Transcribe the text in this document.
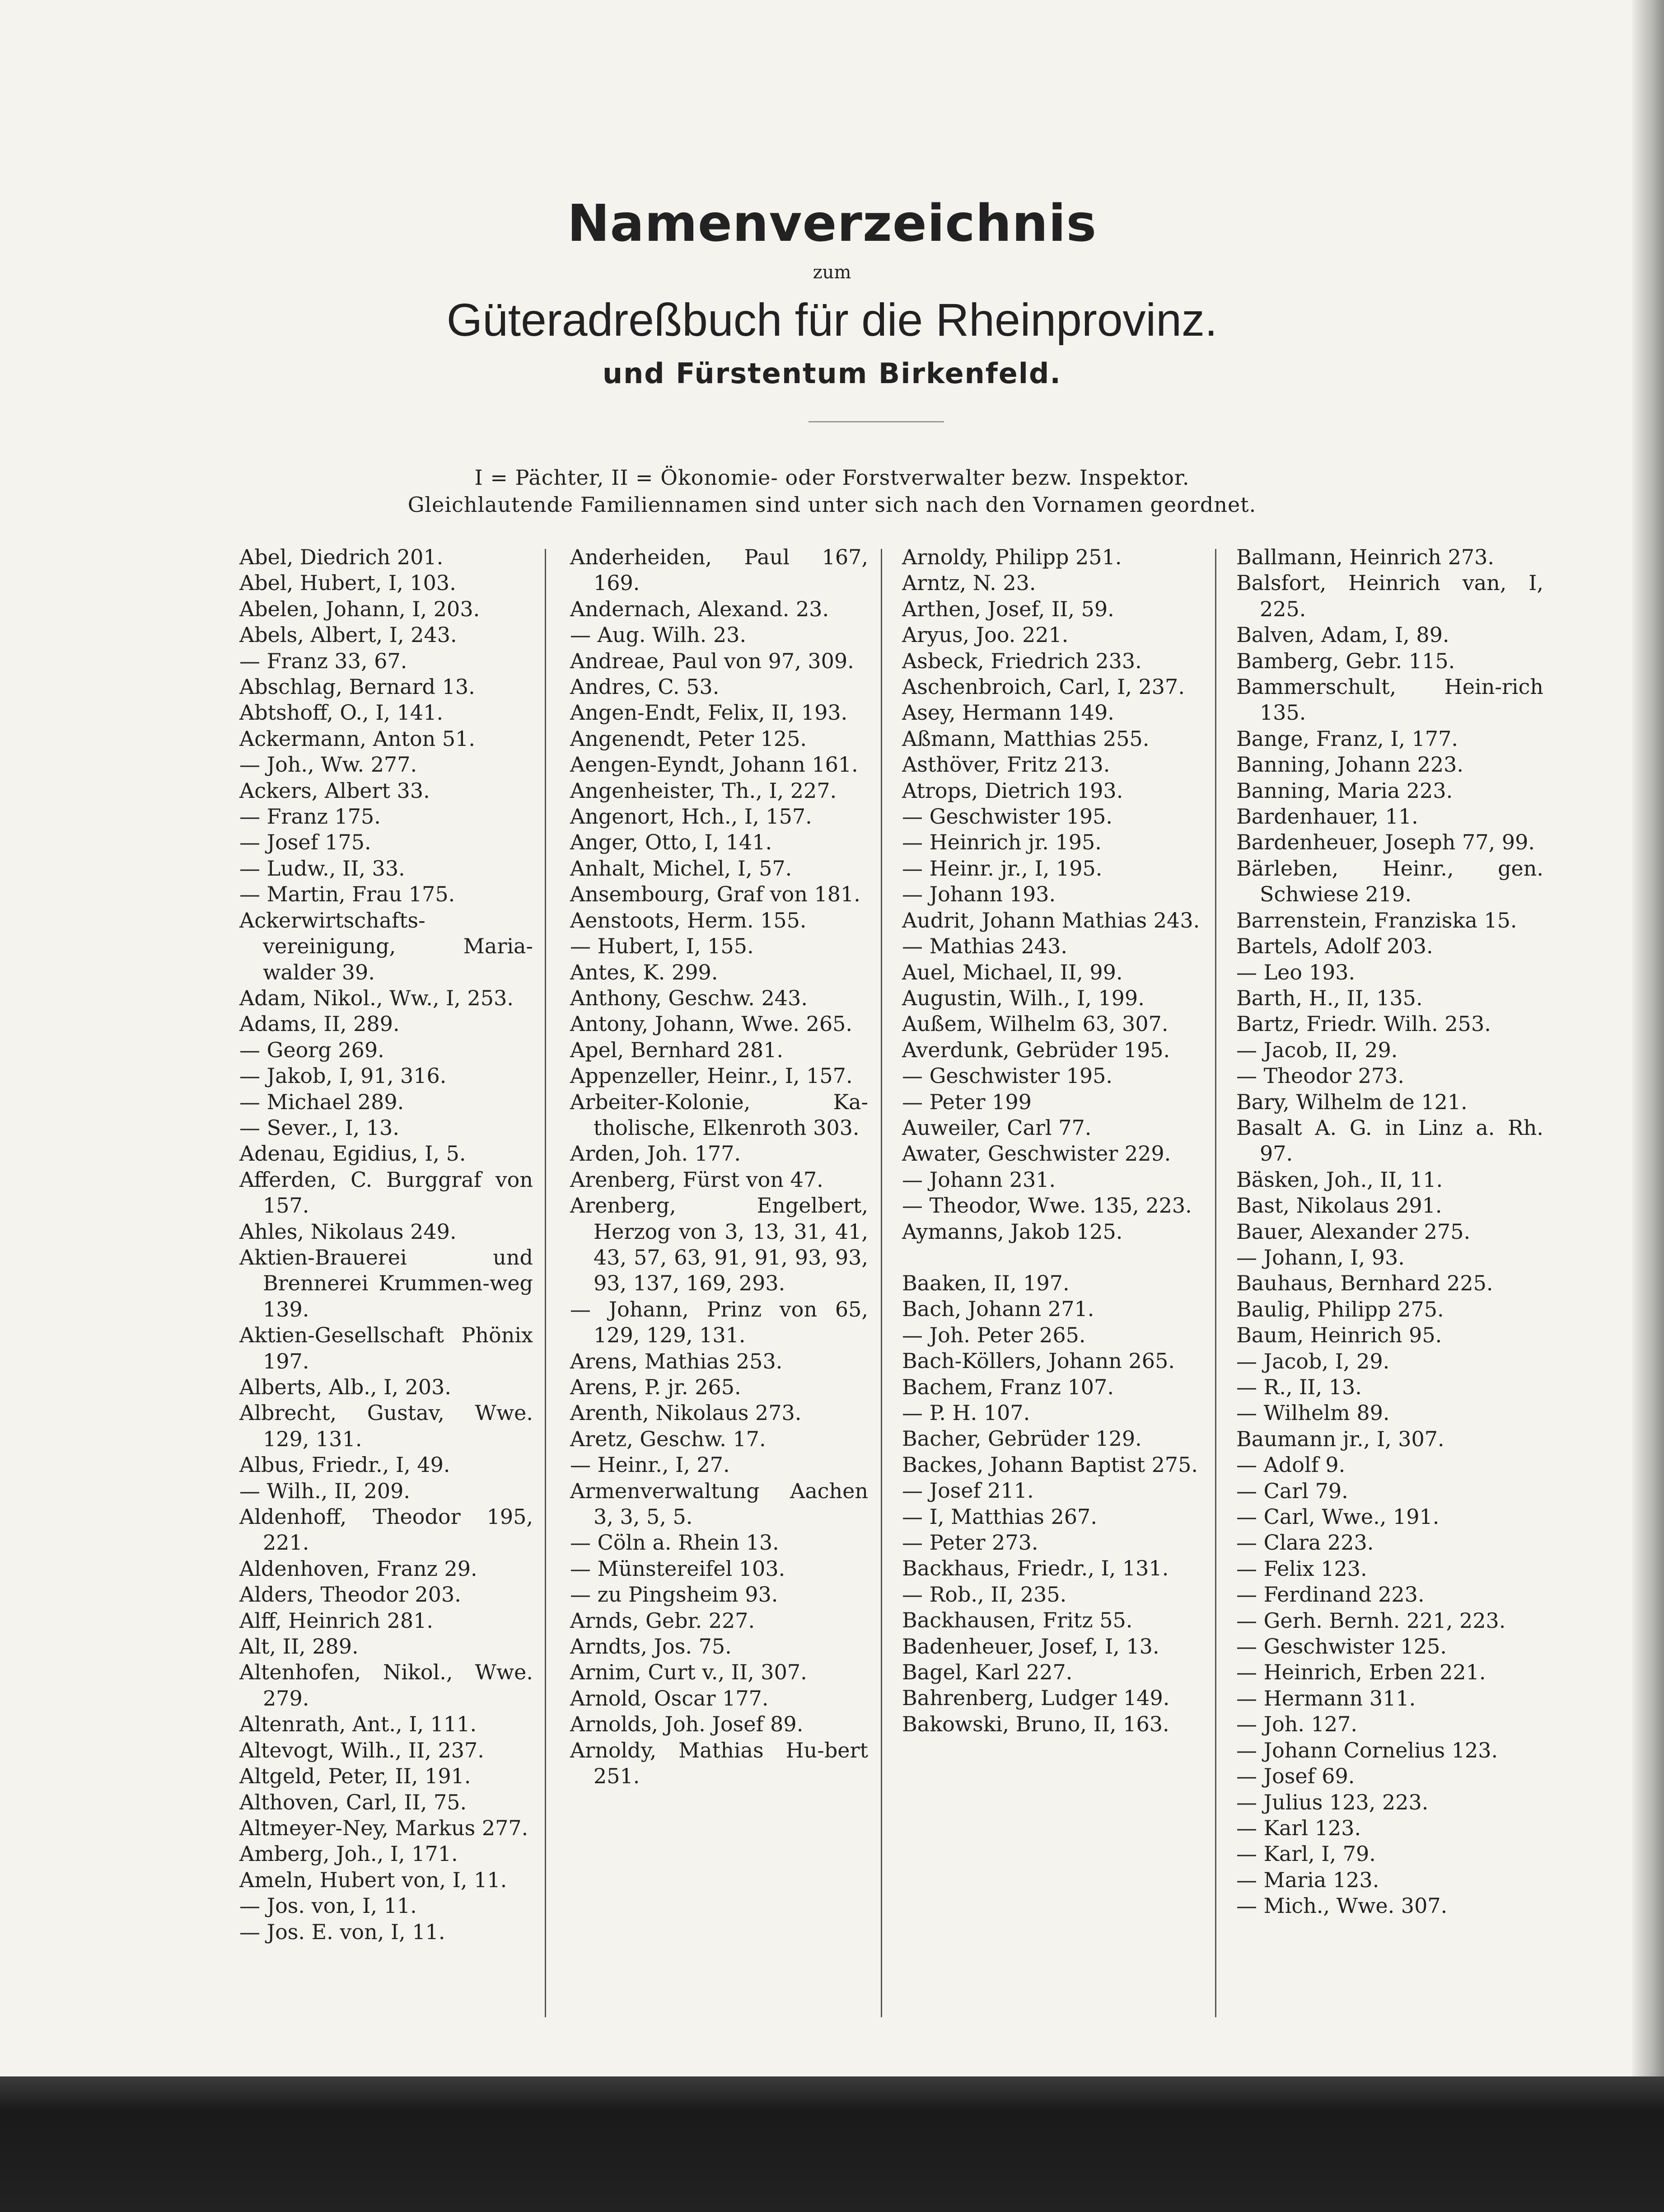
Namenverzeichnis
zum
Güteradreßbuch für die Rheinprovinz.
und Fürstentum Birkenfeld.
I = Pächter, II = Ökonomie- oder Forstverwalter bezw. Inspektor.
Gleichlautende Familiennamen sind unter sich nach den Vornamen geordnet.
Abel, Diedrich 201.
Abel, Hubert, I, 103.
Abelen, Johann, I, 203.
Abels, Albert, I, 243.
— Franz 33, 67.
Abschlag, Bernard 13.
Abtshoff, O., I, 141.
Ackermann, Anton 51.
— Joh., Ww. 277.
Ackers, Albert 33.
— Franz 175.
— Josef 175.
— Ludw., II, 33.
— Martin, Frau 175.
Ackerwirtschafts-vereinigung, Maria-walder 39.
Adam, Nikol., Ww., I, 253.
Adams, II, 289.
— Georg 269.
— Jakob, I, 91, 316.
— Michael 289.
— Sever., I, 13.
Adenau, Egidius, I, 5.
Afferden, C. Burggraf von 157.
Ahles, Nikolaus 249.
Aktien-Brauerei und Brennerei Krummen-weg 139.
Aktien-Gesellschaft Phönix 197.
Alberts, Alb., I, 203.
Albrecht, Gustav, Wwe. 129, 131.
Albus, Friedr., I, 49.
— Wilh., II, 209.
Aldenhoff, Theodor 195, 221.
Aldenhoven, Franz 29.
Alders, Theodor 203.
Alff, Heinrich 281.
Alt, II, 289.
Altenhofen, Nikol., Wwe. 279.
Altenrath, Ant., I, 111.
Altevogt, Wilh., II, 237.
Altgeld, Peter, II, 191.
Althoven, Carl, II, 75.
Altmeyer-Ney, Markus 277.
Amberg, Joh., I, 171.
Ameln, Hubert von, I, 11.
— Jos. von, I, 11.
— Jos. E. von, I, 11.
Anderheiden, Paul 167, 169.
Andernach, Alexand. 23.
— Aug. Wilh. 23.
Andreae, Paul von 97, 309.
Andres, C. 53.
Angen-Endt, Felix, II, 193.
Angenendt, Peter 125.
Aengen-Eyndt, Johann 161.
Angenheister, Th., I, 227.
Angenort, Hch., I, 157.
Anger, Otto, I, 141.
Anhalt, Michel, I, 57.
Ansembourg, Graf von 181.
Aenstoots, Herm. 155.
— Hubert, I, 155.
Antes, K. 299.
Anthony, Geschw. 243.
Antony, Johann, Wwe. 265.
Apel, Bernhard 281.
Appenzeller, Heinr., I, 157.
Arbeiter-Kolonie, Ka-tholische, Elkenroth 303.
Arden, Joh. 177.
Arenberg, Fürst von 47.
Arenberg, Engelbert, Herzog von 3, 13, 31, 41, 43, 57, 63, 91, 91, 93, 93, 93, 137, 169, 293.
— Johann, Prinz von 65, 129, 129, 131.
Arens, Mathias 253.
Arens, P. jr. 265.
Arenth, Nikolaus 273.
Aretz, Geschw. 17.
— Heinr., I, 27.
Armenverwaltung Aachen 3, 3, 5, 5.
— Cöln a. Rhein 13.
— Münstereifel 103.
— zu Pingsheim 93.
Arnds, Gebr. 227.
Arndts, Jos. 75.
Arnim, Curt v., II, 307.
Arnold, Oscar 177.
Arnolds, Joh. Josef 89.
Arnoldy, Mathias Hu-bert 251.
Arnoldy, Philipp 251.
Arntz, N. 23.
Arthen, Josef, II, 59.
Aryus, Joo. 221.
Asbeck, Friedrich 233.
Aschenbroich, Carl, I, 237.
Asey, Hermann 149.
Aßmann, Matthias 255.
Asthöver, Fritz 213.
Atrops, Dietrich 193.
— Geschwister 195.
— Heinrich jr. 195.
— Heinr. jr., I, 195.
— Johann 193.
Audrit, Johann Mathias 243.
— Mathias 243.
Auel, Michael, II, 99.
Augustin, Wilh., I, 199.
Außem, Wilhelm 63, 307.
Averdunk, Gebrüder 195.
— Geschwister 195.
— Peter 199
Auweiler, Carl 77.
Awater, Geschwister 229.
— Johann 231.
— Theodor, Wwe. 135, 223.
Aymanns, Jakob 125.
Baaken, II, 197.
Bach, Johann 271.
— Joh. Peter 265.
Bach-Köllers, Johann 265.
Bachem, Franz 107.
— P. H. 107.
Bacher, Gebrüder 129.
Backes, Johann Baptist 275.
— Josef 211.
— I, Matthias 267.
— Peter 273.
Backhaus, Friedr., I, 131.
— Rob., II, 235.
Backhausen, Fritz 55.
Badenheuer, Josef, I, 13.
Bagel, Karl 227.
Bahrenberg, Ludger 149.
Bakowski, Bruno, II, 163.
Ballmann, Heinrich 273.
Balsfort, Heinrich van, I, 225.
Balven, Adam, I, 89.
Bamberg, Gebr. 115.
Bammerschult, Hein-rich 135.
Bange, Franz, I, 177.
Banning, Johann 223.
Banning, Maria 223.
Bardenhauer, 11.
Bardenheuer, Joseph 77, 99.
Bärleben, Heinr., gen. Schwiese 219.
Barrenstein, Franziska 15.
Bartels, Adolf 203.
— Leo 193.
Barth, H., II, 135.
Bartz, Friedr. Wilh. 253.
— Jacob, II, 29.
— Theodor 273.
Bary, Wilhelm de 121.
Basalt A. G. in Linz a. Rh. 97.
Bäsken, Joh., II, 11.
Bast, Nikolaus 291.
Bauer, Alexander 275.
— Johann, I, 93.
Bauhaus, Bernhard 225.
Baulig, Philipp 275.
Baum, Heinrich 95.
— Jacob, I, 29.
— R., II, 13.
— Wilhelm 89.
Baumann jr., I, 307.
— Adolf 9.
— Carl 79.
— Carl, Wwe., 191.
— Clara 223.
— Felix 123.
— Ferdinand 223.
— Gerh. Bernh. 221, 223.
— Geschwister 125.
— Heinrich, Erben 221.
— Hermann 311.
— Joh. 127.
— Johann Cornelius 123.
— Josef 69.
— Julius 123, 223.
— Karl 123.
— Karl, I, 79.
— Maria 123.
— Mich., Wwe. 307.
